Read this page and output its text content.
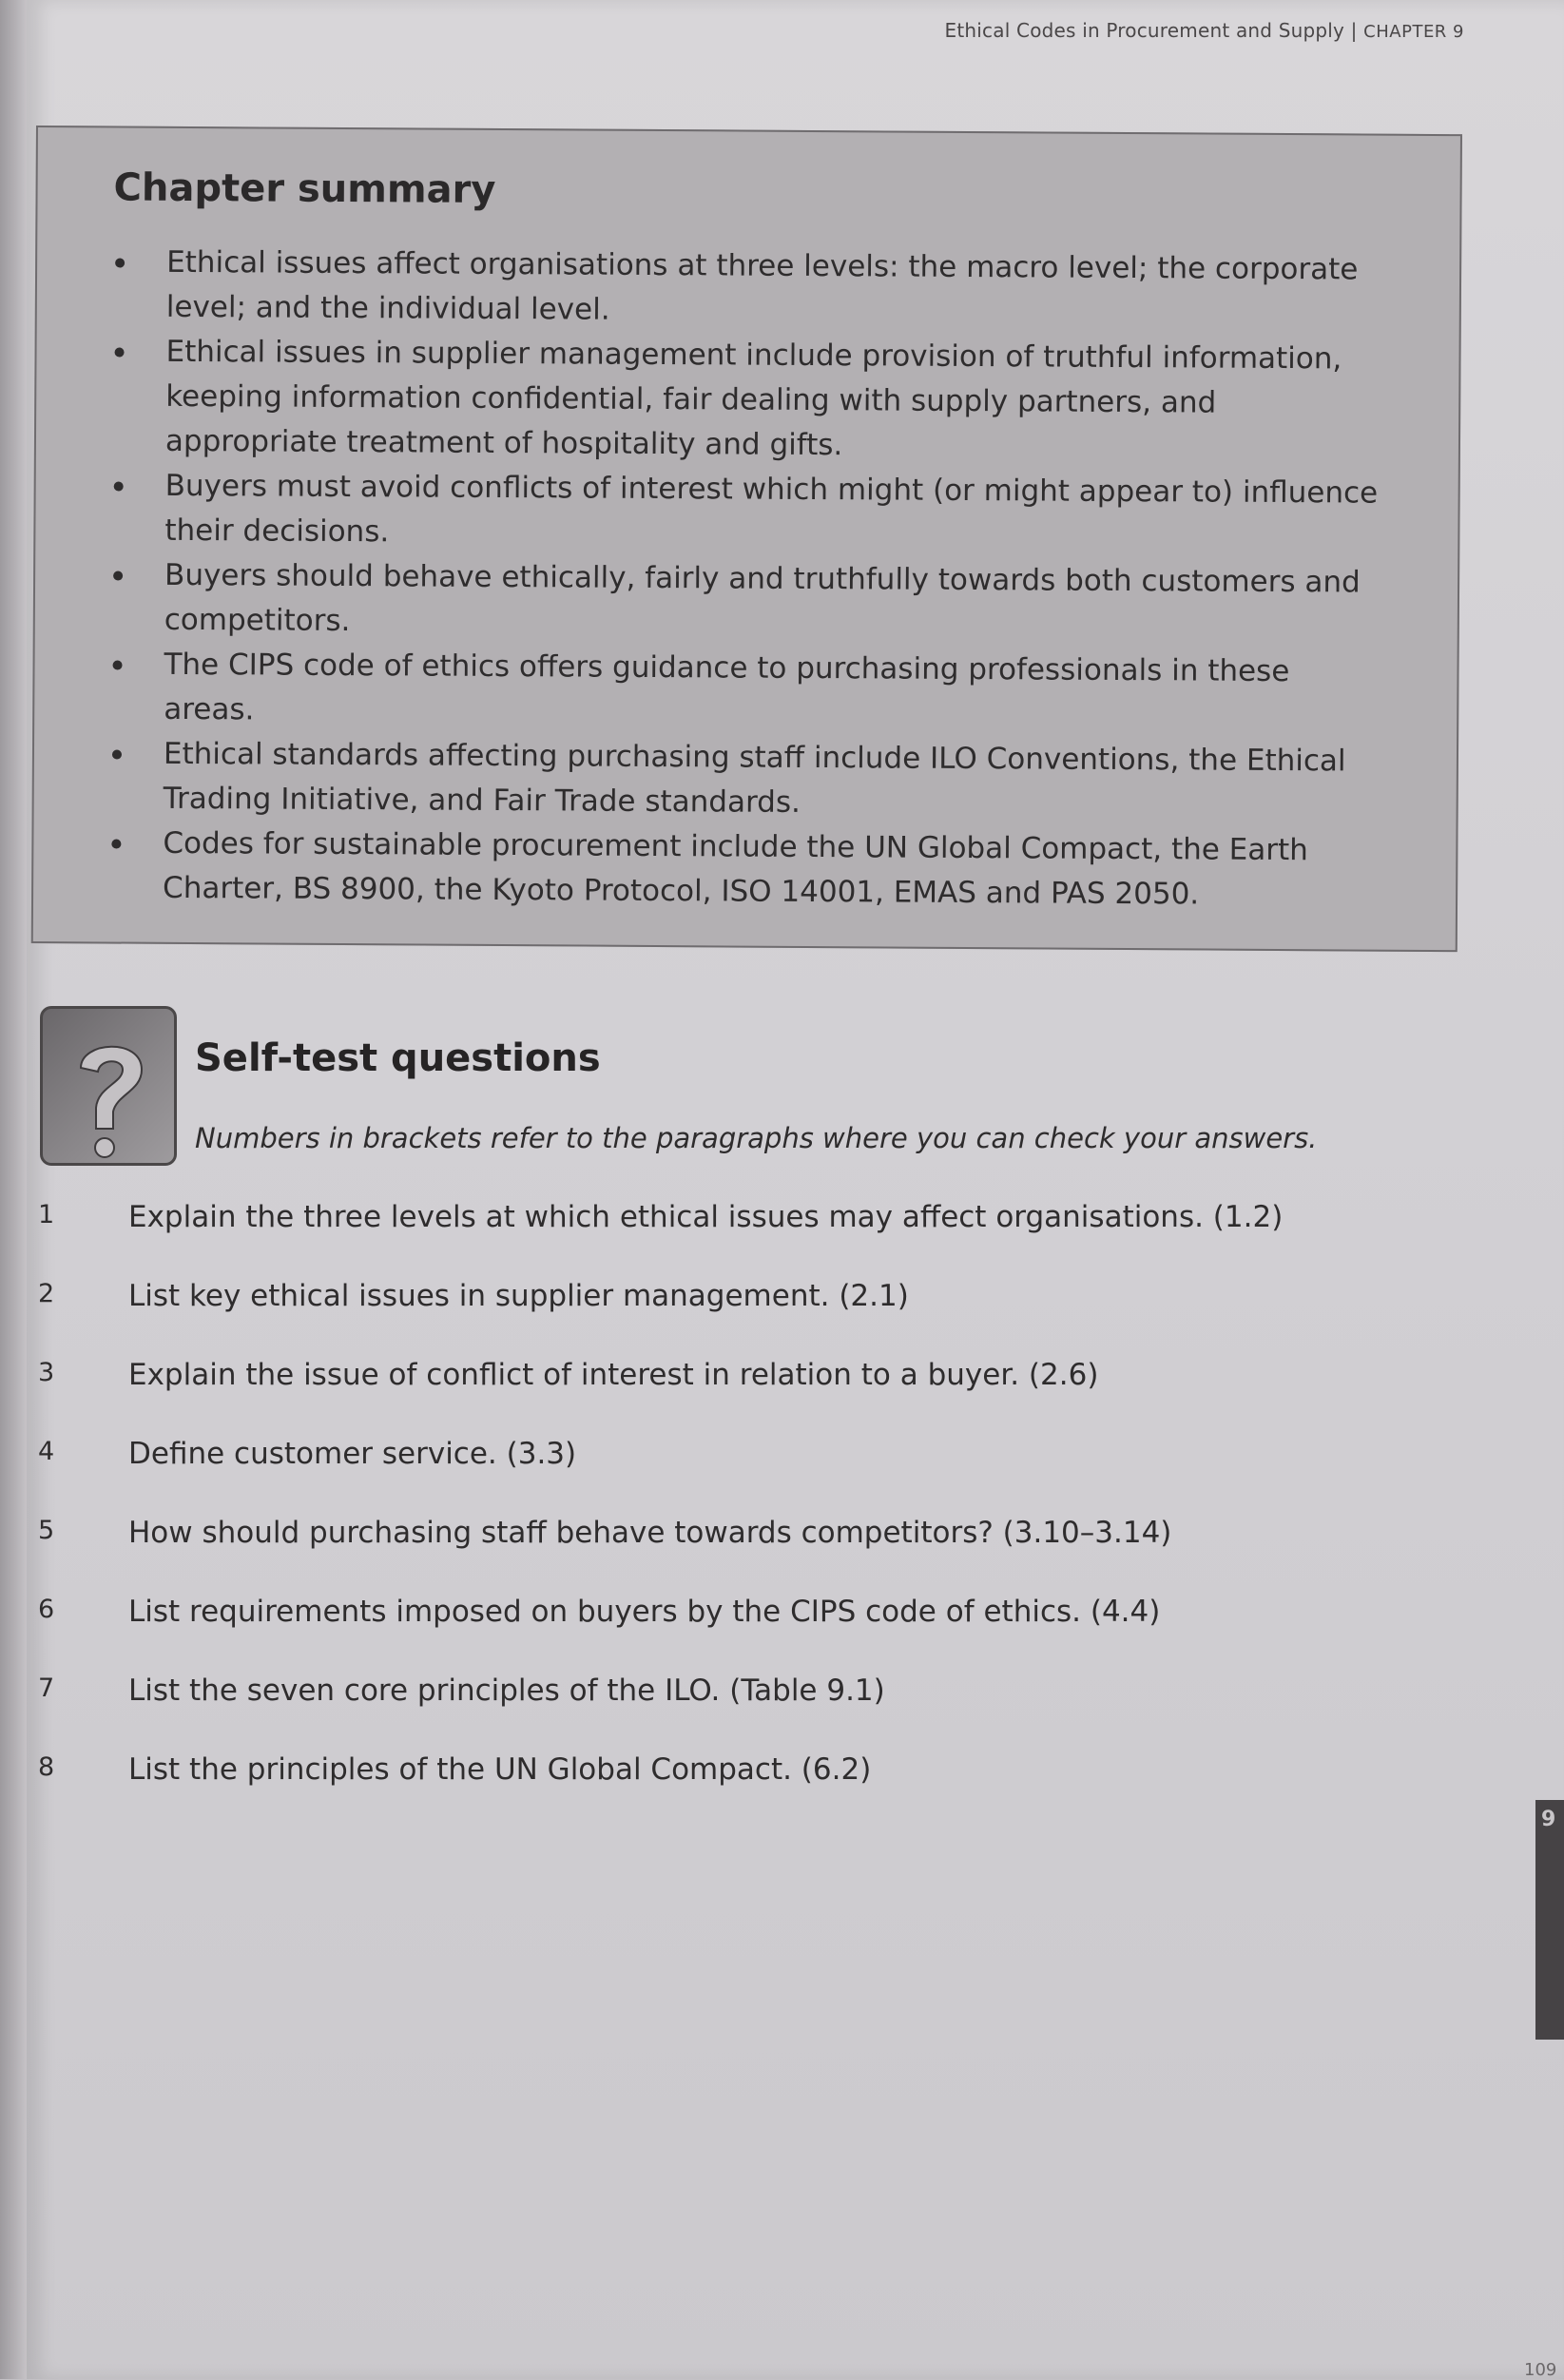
Ethical Codes in Procurement and Supply | CHAPTER 9
Chapter summary
Ethical issues affect organisations at three levels: the macro level; the corporate level; and the individual level.
Ethical issues in supplier management include provision of truthful information, keeping information confidential, fair dealing with supply partners, and appropriate treatment of hospitality and gifts.
Buyers must avoid conflicts of interest which might (or might appear to) influence their decisions.
Buyers should behave ethically, fairly and truthfully towards both customers and competitors.
The CIPS code of ethics offers guidance to purchasing professionals in these areas.
Ethical standards affecting purchasing staff include ILO Conventions, the Ethical Trading Initiative, and Fair Trade standards.
Codes for sustainable procurement include the UN Global Compact, the Earth Charter, BS 8900, the Kyoto Protocol, ISO 14001, EMAS and PAS 2050.
Self-test questions
Numbers in brackets refer to the paragraphs where you can check your answers.
1	Explain the three levels at which ethical issues may affect organisations. (1.2)
2	List key ethical issues in supplier management. (2.1)
3	Explain the issue of conflict of interest in relation to a buyer. (2.6)
4	Define customer service. (3.3)
5	How should purchasing staff behave towards competitors? (3.10–3.14)
6	List requirements imposed on buyers by the CIPS code of ethics. (4.4)
7	List the seven core principles of the ILO. (Table 9.1)
8	List the principles of the UN Global Compact. (6.2)
9
109
